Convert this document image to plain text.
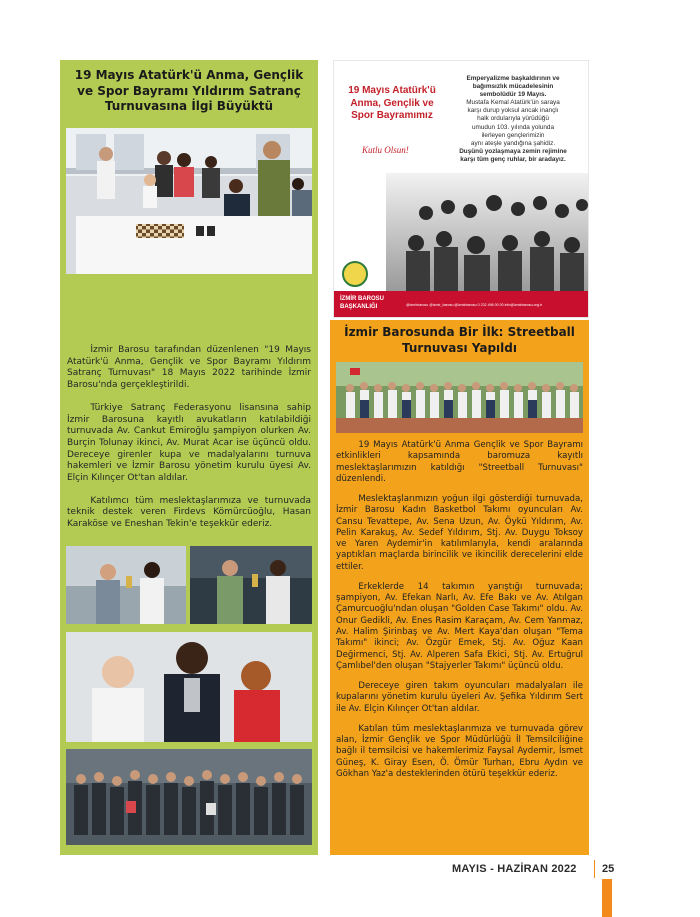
19 Mayıs Atatürk'ü Anma, Gençlik ve Spor Bayramı Yıldırım Satranç Turnuvasına İlgi Büyüktü

İzmir Barosu tarafından düzenlenen "19 Mayıs Atatürk'ü Anma, Gençlik ve Spor Bayramı Yıldırım Satranç Turnuvası" 18 Mayıs 2022 tarihinde İzmir Barosu'nda gerçekleştirildi.

Türkiye Satranç Federasyonu lisansına sahip İzmir Barosuna kayıtlı avukatların katılabildiği turnuvada Av. Cankut Emiroğlu şampiyon olurken Av. Burçin Tolunay ikinci, Av. Murat Acar ise üçüncü oldu. Dereceye girenler kupa ve madalyalarını turnuva hakemleri ve İzmir Barosu yönetim kurulu üyesi Av. Elçin Kılınçer Ot'tan aldılar.

Katılımcı tüm meslektaşlarımıza ve turnuvada teknik destek veren Firdevs Kömürcüoğlu, Hasan Karaköse ve Eneshan Tekin'e teşekkür ederiz.

19 Mayıs Atatürk'ü Anma, Gençlik ve Spor Bayramımız
Kutlu Olsun!
Emperyalizme başkaldırının ve
bağımsızlık mücadelesinin
sembolüdür 19 Mayıs.
Mustafa Kemal Atatürk'ün saraya
karşı durup yoksul ancak inançlı
halk ordularıyla yürüdüğü
umudun 103. yılında yolunda
ilerleyen gençlerimizin
aynı ateşle yandığına şahidiz.
Duşünü yozlaşmaya zemin rejimine
karşı tüm genç ruhlar, bir aradayız.
İZMİR BAROSU
BAŞKANLIĞI	@izmirbarosu @izmir_barosu @izmirbarosu 0 232 496 00 00 info@izmirbarosu.org.tr
İzmir Barosunda Bir İlk: Streetball Turnuvası Yapıldı

19 Mayıs Atatürk'ü Anma Gençlik ve Spor Bayramı etkinlikleri kapsamında baromuza kayıtlı meslektaşlarımızın katıldığı "Streetball Turnuvası" düzenlendi.

Meslektaşlarımızın yoğun ilgi gösterdiği turnuvada, İzmir Barosu Kadın Basketbol Takımı oyuncuları Av. Cansu Tevattepe, Av. Sena Uzun, Av. Öykü Yıldırım, Av. Pelin Karakuş, Av. Sedef Yıldırım, Stj. Av. Duygu Toksoy ve Yaren Aydemir'in katılımlarıyla, kendi aralarında yaptıkları maçlarda birincilik ve ikincilik derecelerini elde ettiler.

Erkeklerde 14 takımın yarıştığı turnuvada; şampiyon, Av. Efekan Narlı, Av. Efe Bakı ve Av. Atılgan Çamurcuoğlu'ndan oluşan "Golden Case Takımı" oldu. Av. Onur Gedikli, Av. Enes Rasim Karaçam, Av. Cem Yanmaz, Av. Halim Şirinbaş ve Av. Mert Kaya'dan oluşan "Tema Takımı" ikinci; Av. Özgür Emek, Stj. Av. Oğuz Kaan Değirmenci, Stj. Av. Alperen Safa Ekici, Stj. Av. Ertuğrul Çamlıbel'den oluşan "Stajyerler Takımı" üçüncü oldu.

Dereceye giren takım oyuncuları madalyaları ile kupalarını yönetim kurulu üyeleri Av. Şefika Yıldırım Sert ile Av. Elçin Kılınçer Ot'tan aldılar.

Katılan tüm meslektaşlarımıza ve turnuvada görev alan, İzmir Gençlik ve Spor Müdürlüğü İl Temsilciliğine bağlı il temsilcisi ve hakemlerimiz Faysal Aydemir, İsmet Güneş, K. Giray Esen, Ö. Ömür Turhan, Ebru Aydın ve Gökhan Yaz'a desteklerinden ötürü teşekkür ederiz.

MAYIS - HAZİRAN 2022 25
